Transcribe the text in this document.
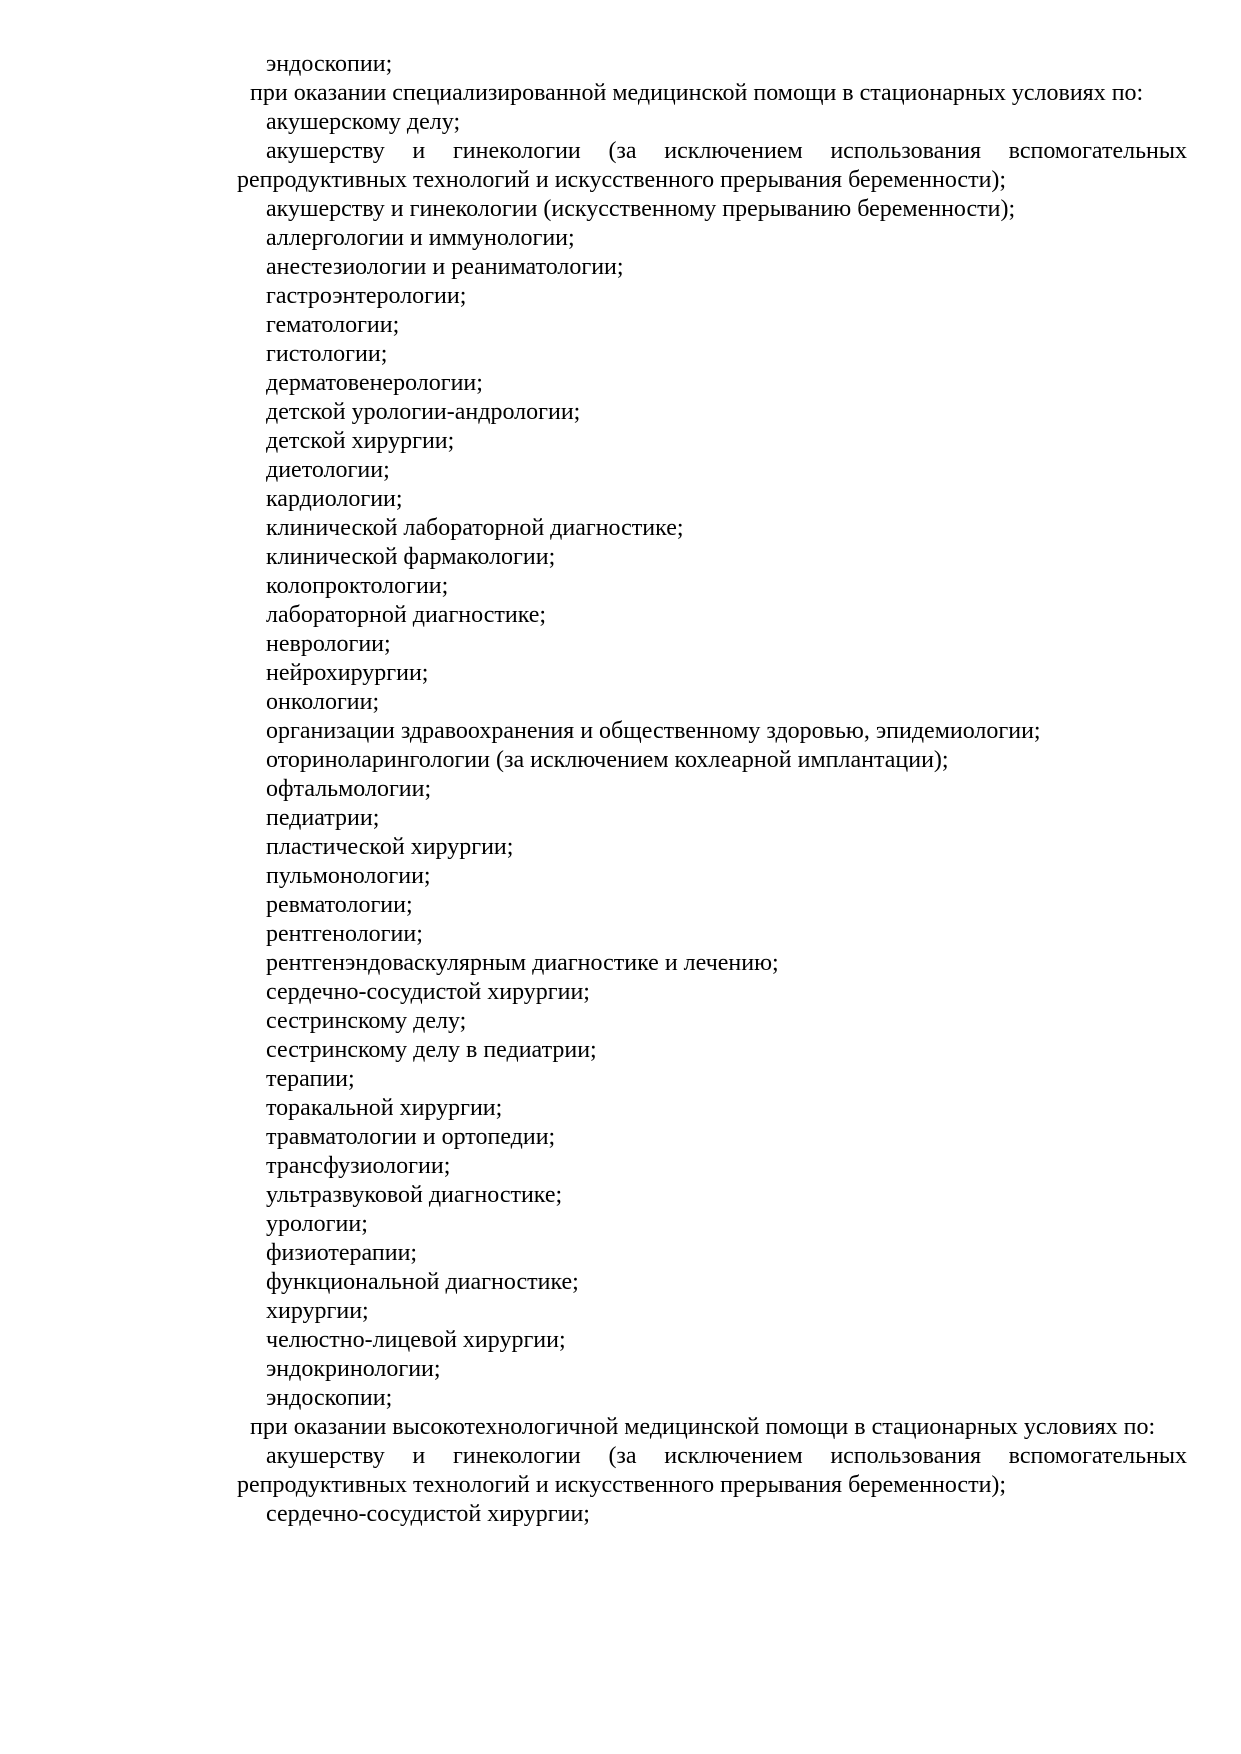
эндоскопии;

при оказании специализированной медицинской помощи в стационарных условиях по:

акушерскому делу;

акушерству и гинекологии (за исключением использования вспомогательных репродуктивных технологий и искусственного прерывания беременности);

акушерству и гинекологии (искусственному прерыванию беременности);

аллергологии и иммунологии;

анестезиологии и реаниматологии;

гастроэнтерологии;

гематологии;

гистологии;

дерматовенерологии;

детской урологии-андрологии;

детской хирургии;

диетологии;

кардиологии;

клинической лабораторной диагностике;

клинической фармакологии;

колопроктологии;

лабораторной диагностике;

неврологии;

нейрохирургии;

онкологии;

организации здравоохранения и общественному здоровью, эпидемиологии;

оториноларингологии (за исключением кохлеарной имплантации);

офтальмологии;

педиатрии;

пластической хирургии;

пульмонологии;

ревматологии;

рентгенологии;

рентгенэндоваскулярным диагностике и лечению;

сердечно-сосудистой хирургии;

сестринскому делу;

сестринскому делу в педиатрии;

терапии;

торакальной хирургии;

травматологии и ортопедии;

трансфузиологии;

ультразвуковой диагностике;

урологии;

физиотерапии;

функциональной диагностике;

хирургии;

челюстно-лицевой хирургии;

эндокринологии;

эндоскопии;

при оказании высокотехнологичной медицинской помощи в стационарных условиях по:

акушерству и гинекологии (за исключением использования вспомогательных репродуктивных технологий и искусственного прерывания беременности);

сердечно-сосудистой хирургии;
